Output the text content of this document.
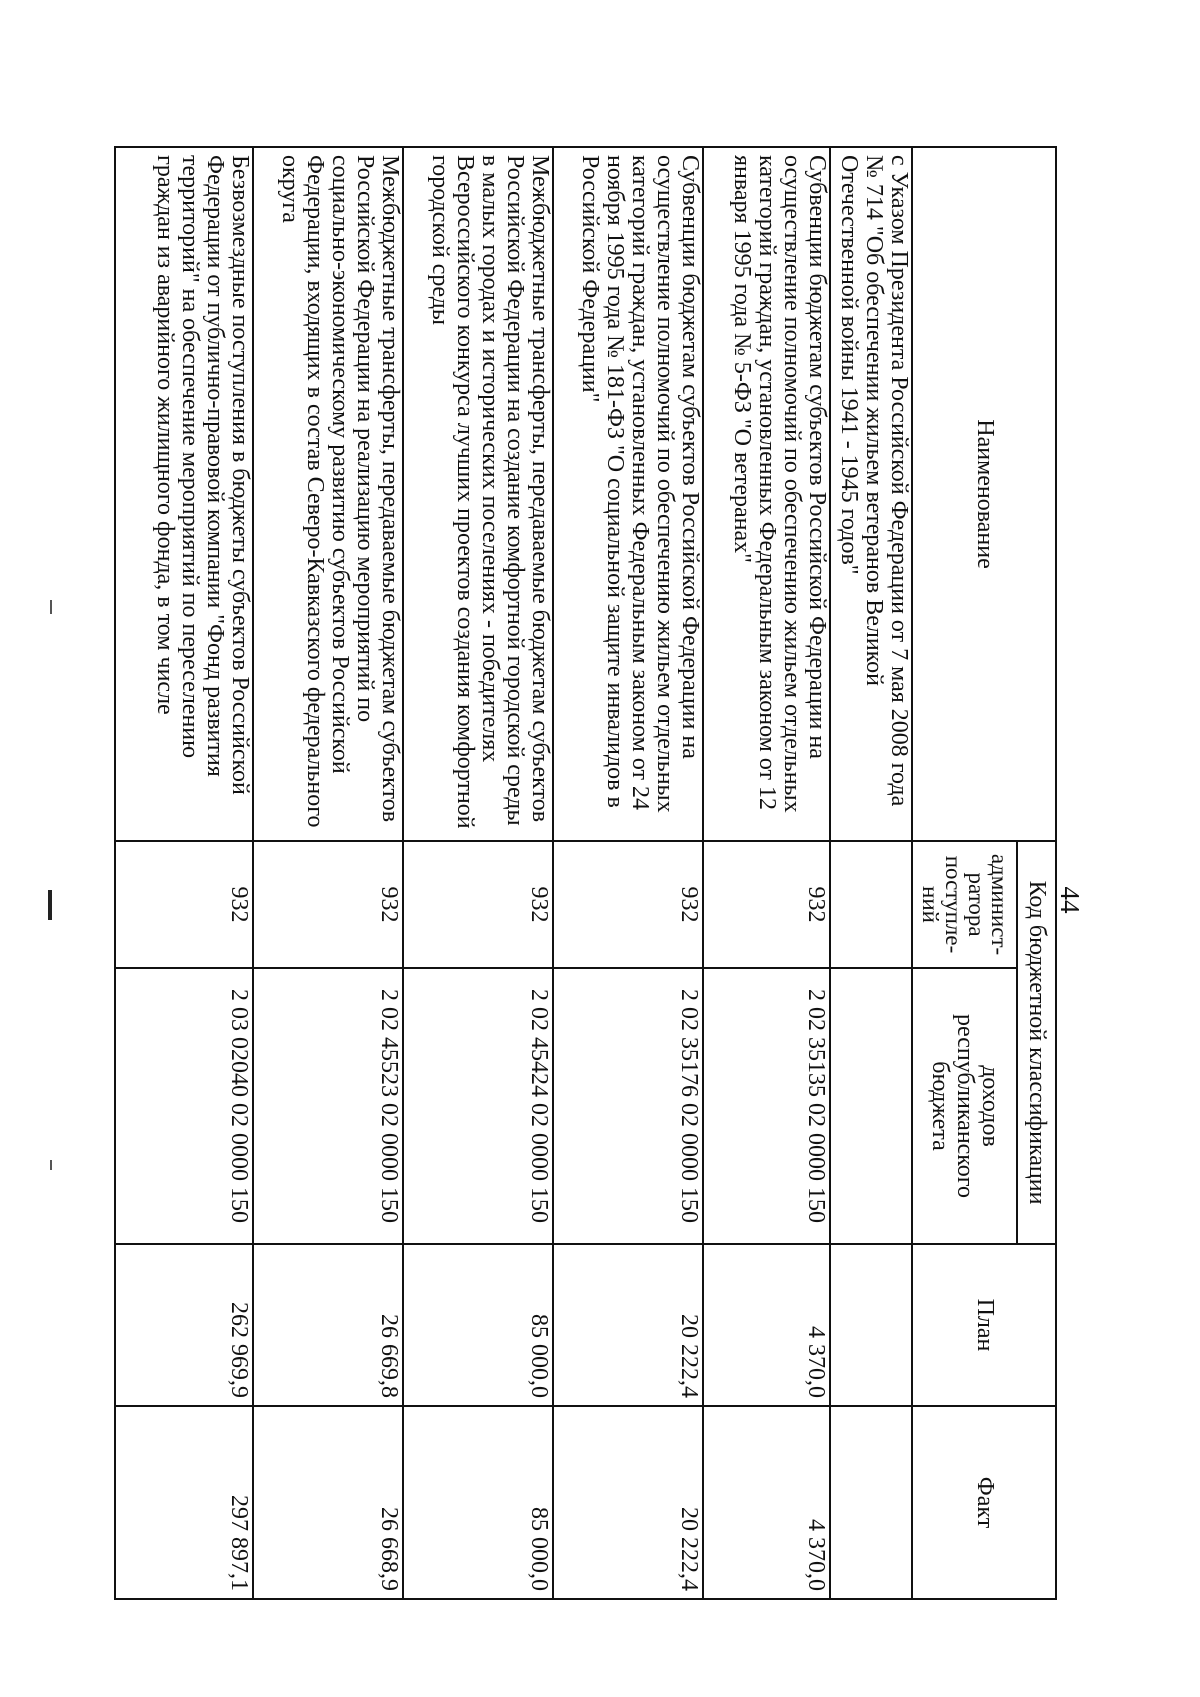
44
Наименование	Код бюджетной классификации		План	Факт
	админист-ратора поступле-ний	доходов республиканского бюджета		
с Указом Президента Российской Федерации от 7 мая 2008 года № 714 "Об обеспечении жильем ветеранов Великой Отечественной войны 1941 - 1945 годов"				
Субвенции бюджетам субъектов Российской Федерации на осуществление полномочий по обеспечению жильем отдельных категорий граждан, установленных Федеральным законом от 12 января 1995 года № 5-ФЗ "О ветеранах"	932	2 02 35135 02 0000 150	4 370,0	4 370,0
Субвенции бюджетам субъектов Российской Федерации на осуществление полномочий по обеспечению жильем отдельных категорий граждан, установленных Федеральным законом от 24 ноября 1995 года № 181-ФЗ "О социальной защите инвалидов в Российской Федерации"	932	2 02 35176 02 0000 150	20 222,4	20 222,4
Межбюджетные трансферты, передаваемые бюджетам субъектов Российской Федерации на создание комфортной городской среды в малых городах и исторических поселениях - победителях Всероссийского конкурса лучших проектов создания комфортной городской среды	932	2 02 45424 02 0000 150	85 000,0	85 000,0
Межбюджетные трансферты, передаваемые бюджетам субъектов Российской Федерации на реализацию мероприятий по социально-экономическому развитию субъектов Российской Федерации, входящих в состав Северо-Кавказского федерального округа	932	2 02 45523 02 0000 150	26 669,8	26 668,9
Безвозмездные поступления в бюджеты субъектов Российской Федерации от публично-правовой компании "Фонд развития территорий" на обеспечение мероприятий по переселению граждан из аварийного жилищного фонда, в том числе	932	2 03 02040 02 0000 150	262 969,9	297 897,1
